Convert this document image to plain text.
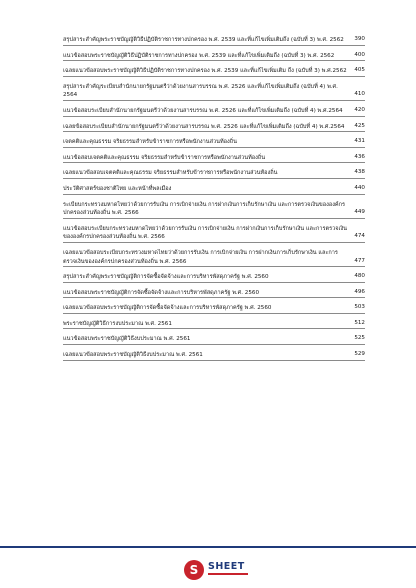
สรุปสาระสำคัญพระราชบัญญัติวิธีปฏิบัติราชการทางปกครอง พ.ศ. 2539 และที่แก้ไขเพิ่มเติมถึง (ฉบับที่ 3) พ.ศ. 2562	390
แนวข้อสอบพระราชบัญญัติวิธีปฏิบัติราชการทางปกครอง พ.ศ. 2539 และที่แก้ไขเพิ่มเติมถึง (ฉบับที่ 3) พ.ศ. 2562	400
เฉลยแนวข้อสอบพระราชบัญญัติวิธีปฏิบัติราชการทางปกครอง พ.ศ. 2539 และที่แก้ไขเพิ่มเติม ถึง (ฉบับที่ 3) พ.ศ.2562	405
สรุปสาระสำคัญระเบียบสำนักนายกรัฐมนตรีว่าด้วยงานสารบรรณ พ.ศ. 2526 และที่แก้ไขเพิ่มเติมถึง (ฉบับที่ 4) พ.ศ. 2564	410
แนวข้อสอบระเบียบสำนักนายกรัฐมนตรีว่าด้วยงานสารบรรณ พ.ศ. 2526 และที่แก้ไขเพิ่มเติมถึง (ฉบับที่ 4) พ.ศ.2564	420
เฉลยข้อสอบระเบียบสำนักนายกรัฐมนตรีว่าด้วยงานสารบรรณ พ.ศ. 2526 และที่แก้ไขเพิ่มเติมถึง (ฉบับที่ 4) พ.ศ.2564	425
เจตคติและคุณธรรม จริยธรรมสำหรับข้าราชการหรือพนักงานส่วนท้องถิ่น	431
แนวข้อสอบเจตคติและคุณธรรม จริยธรรมสำหรับข้าราชการหรือพนักงานส่วนท้องถิ่น	436
เฉลยแนวข้อสอบเจตคติและคุณธรรม จริยธรรมสำหรับข้าราชการหรือพนักงานส่วนท้องถิ่น	438
ประวัติศาสตร์ของชาติไทย และหน้าที่พลเมือง	440
ระเบียบกระทรวงมหาดไทยว่าด้วยการรับเงิน การเบิกจ่ายเงิน การฝากเงินการเก็บรักษาเงิน และการตรวจเงินขององค์กรปกครองส่วนท้องถิ่น พ.ศ. 2566	449
แนวข้อสอบระเบียบกระทรวงมหาดไทยว่าด้วยการรับเงิน การเบิกจ่ายเงิน การฝากเงินการเก็บรักษาเงิน และการตรวจเงินขององค์กรปกครองส่วนท้องถิ่น พ.ศ. 2566	474
เฉลยแนวข้อสอบระเบียบกระทรวงมหาดไทยว่าด้วยการรับเงิน การเบิกจ่ายเงิน การฝากเงินการเก็บรักษาเงิน และการตรวจเงินขององค์กรปกครองส่วนท้องถิ่น พ.ศ. 2566	477
สรุปสาระสำคัญพระราชบัญญัติการจัดซื้อจัดจ้างและการบริหารพัสดุภาครัฐ พ.ศ. 2560	480
แนวข้อสอบพระราชบัญญัติการจัดซื้อจัดจ้างและการบริหารพัสดุภาครัฐ พ.ศ. 2560	496
เฉลยแนวข้อสอบพระราชบัญญัติการจัดซื้อจัดจ้างและการบริหารพัสดุภาครัฐ พ.ศ. 2560	503
พระราชบัญญัติวิธีการงบประมาณ พ.ศ. 2561	512
แนวข้อสอบพระราชบัญญัติวิธีงบประมาณ พ.ศ. 2561	525
เฉลยแนวข้อสอบพระราชบัญญัติวิธีงบประมาณ พ.ศ. 2561	529
S SHEET
